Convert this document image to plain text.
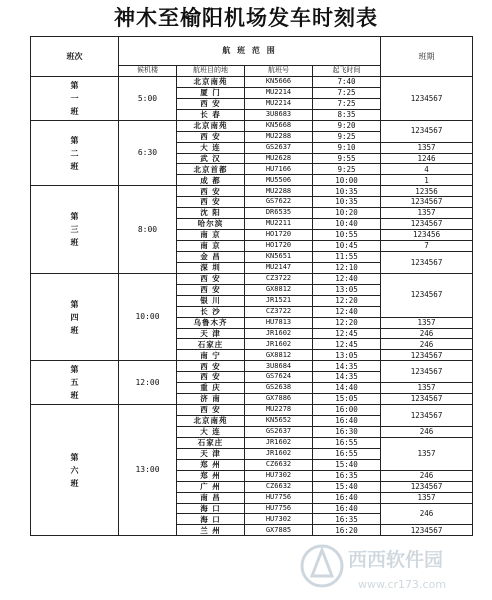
神木至榆阳机场发车时刻表
班次	航 班 范 围				班期
	候机楼	航班目的地	航班号	起飞时间	

第
一
班	5:00	北京南苑	KN5666	7:40	1234567
		厦 门	MU2214	7:25	
		西 安	MU2214	7:25	
		长 春	3U8683	8:35	

第
二
班	6:30	北京南苑	KN5668	9:20	1234567
		西 安	MU2288	9:25	
		大 连	GS2637	9:10	1357
		武 汉	MU2628	9:55	1246
		北京首都	HU7166	9:25	4
		成 都	MU5506	10:00	1

第
三
班	8:00	西 安	MU2288	10:35	12356
		西 安	GS7622	10:35	1234567
		沈 阳	DR6535	10:20	1357
		哈尔滨	MU2211	10:40	1234567
		南 京	HO1720	10:55	123456
		南 京	HO1720	10:45	7
		金 昌	KN5651	11:55	1234567
		深 圳	MU2147	12:10	

第
四
班	10:00	西 安	CZ3722	12:40	1234567
		西 安	GX8812	13:05	
		银 川	JR1521	12:20	
		长 沙	CZ3722	12:40	
		乌鲁木齐	HU7813	12:20	1357
		天 津	JR1602	12:45	246
		石家庄	JR1602	12:45	246
		南 宁	GX8812	13:05	1234567

第
五
班	12:00	西 安	3U8684	14:35	1234567
		西 安	GS7624	14:35	
		重 庆	GS2638	14:40	1357
		济 南	GX7886	15:05	1234567

第
六
班	13:00	西 安	MU2278	16:00	1234567
		北京南苑	KN5652	16:40	
		大 连	GS2637	16:30	246
		石家庄	JR1602	16:55	1357
		天 津	JR1602	16:55	
		郑 州	CZ6632	15:40	
		郑 州	HU7302	16:35	246
		广 州	CZ6632	15:40	1234567
		南 昌	HU7756	16:40	1357
		海 口	HU7756	16:40	246
		海 口	HU7302	16:35	
		兰 州	GX7885	16:20	1234567
西西软件园
www.cr173.com
